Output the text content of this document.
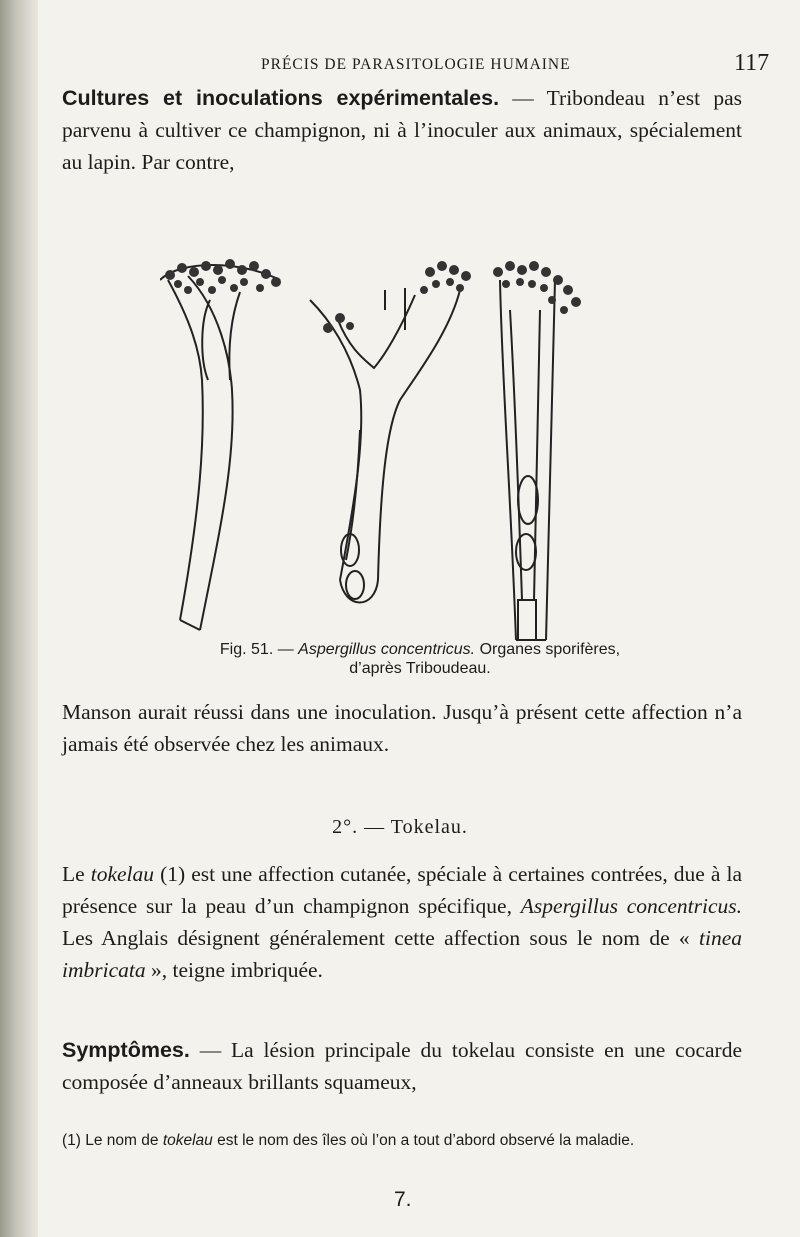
PRÉCIS DE PARASITOLOGIE HUMAINE	117

Cultures et inoculations expérimentales. — Tribondeau n’est pas parvenu à cultiver ce champignon, ni à l’inoculer aux animaux, spécialement au lapin. Par contre,

Fig. 51. — Aspergillus concentricus. Organes sporifères, d’après Triboudeau.

Manson aurait réussi dans une inoculation. Jusqu’à présent cette affection n’a jamais été observée chez les animaux.

2°. — Tokelau.

Le tokelau (1) est une affection cutanée, spéciale à certaines contrées, due à la présence sur la peau d’un champignon spécifique, Aspergillus concentricus. Les Anglais désignent généralement cette affection sous le nom de « tinea imbricata », teigne imbriquée.

Symptômes. — La lésion principale du tokelau consiste en une cocarde composée d’anneaux brillants squameux,

(1) Le nom de tokelau est le nom des îles où l’on a tout d’abord observé la maladie.
7.
